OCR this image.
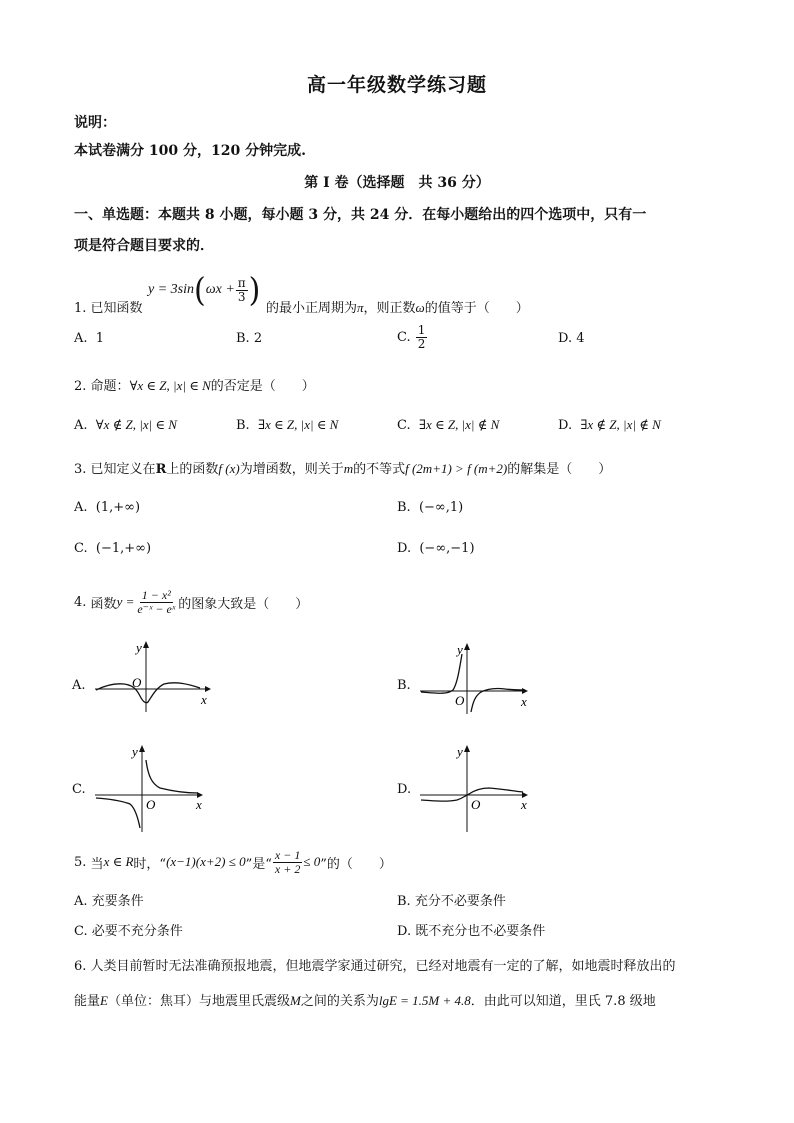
高一年级数学练习题
说明：
本试卷满分 100 分，120 分钟完成.
第 I 卷（选择题　共 36 分）
一、单选题：本题共 8 小题，每小题 3 分，共 24 分．在每小题给出的四个选项中，只有一
项是符合题目要求的．
y = 3sin ( $\omega x + \frac{\pi}{3}$ )
1. 已知函数	的最小正周期为π，则正数ω的值等于（　　）
A. 1	B. 2	C.
$\frac{1}{2}$	D. 4
2. 命题：∀x ∈ Z, |x| ∈ N的否定是（　　）
A. ∀x ∉ Z, |x| ∈ N	B. ∃x ∈ Z, |x| ∈ N	C. ∃x ∈ Z, |x| ∉ N	D. ∃x ∉ Z, |x| ∉ N
3. 已知定义在R上的函数f (x)为增函数，则关于m的不等式f (2m+1) > f (m+2)的解集是（　　）
A. (1,+∞)	B. (−∞,1)
C. (−1,+∞)	D. (−∞,−1)
4.
函数 $y = \frac{\text{1 − x²}}{\text{e⁻ˣ − eˣ}}$ 的图象大致是（　　）
A.
x
y
O	B.
x
y
O
C.
x
y
O
D.
x
y
O
5.
当 x ∈ R 时，“ (x−1)(x+2) ≤ 0 ”是“ $\frac{x - 1}{x + 2} \le 0$ ”的（　　）
A. 充要条件	B. 充分不必要条件
C. 必要不充分条件	D. 既不充分也不必要条件
6. 人类目前暂时无法准确预报地震，但地震学家通过研究，已经对地震有一定的了解，如地震时释放出的
能量E（单位：焦耳）与地震里氏震级M之间的关系为lgE = 1.5M + 4.8．由此可以知道，里氏 7.8 级地
